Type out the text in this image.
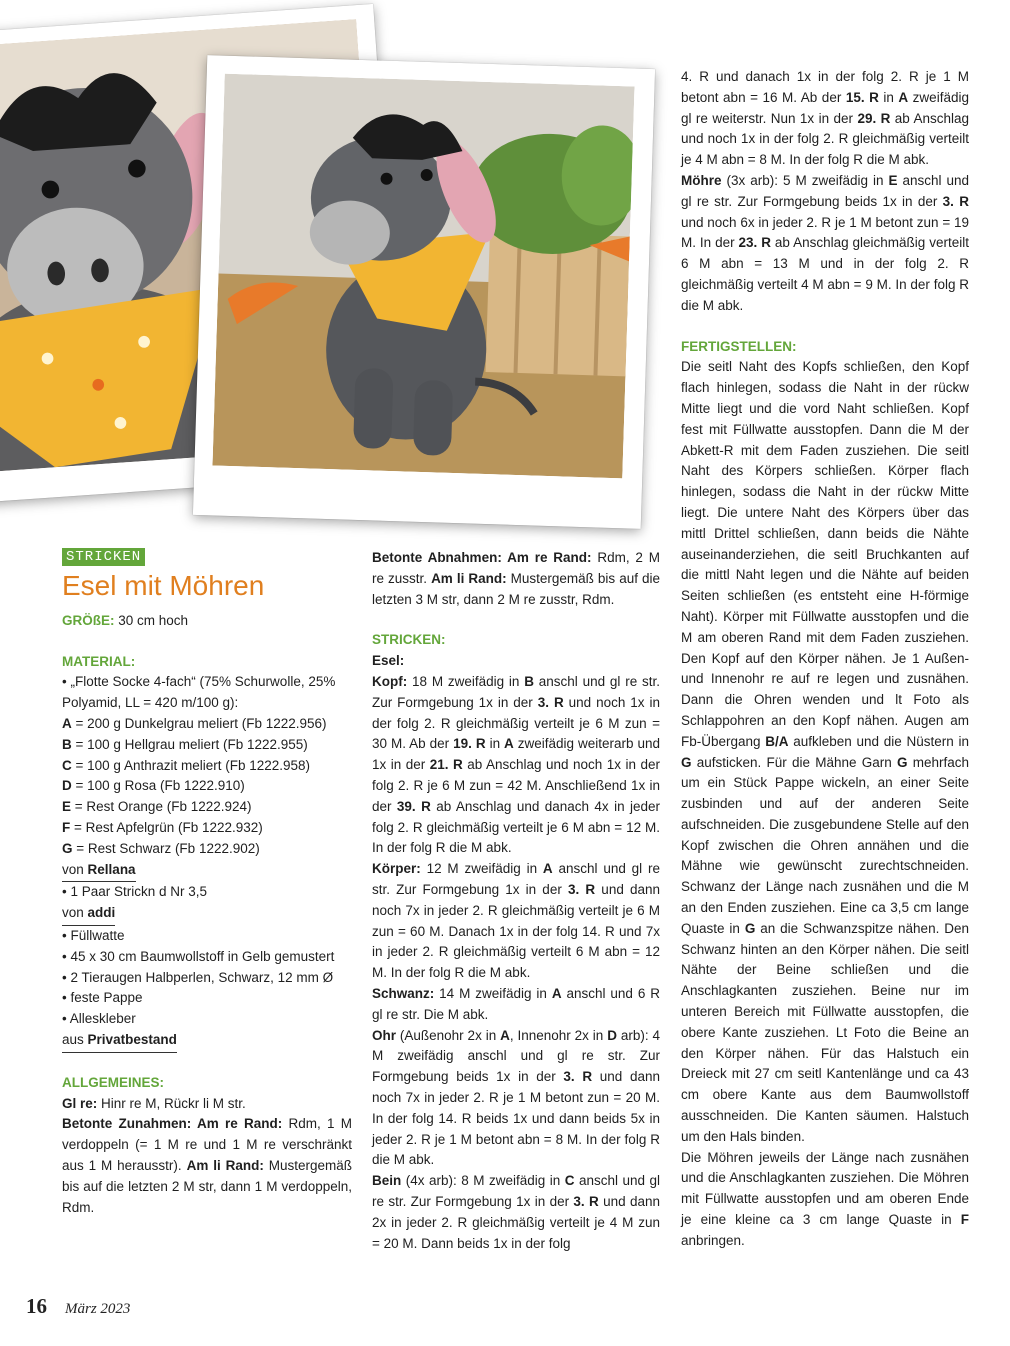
STRICKEN
Esel mit Möhren

GRÖßE: 30 cm hoch

MATERIAL:

• „Flotte Socke 4-fach“ (75% Schurwolle, 25% Polyamid, LL = 420 m/100 g):

A = 200 g Dunkelgrau meliert (Fb 1222.956)

B = 100 g Hellgrau meliert (Fb 1222.955)

C = 100 g Anthrazit meliert (Fb 1222.958)

D = 100 g Rosa (Fb 1222.910)

E = Rest Orange (Fb 1222.924)

F = Rest Apfelgrün (Fb 1222.932)

G = Rest Schwarz (Fb 1222.902)

von Rellana

• 1 Paar Strickn d Nr 3,5

von addi

• Füllwatte

• 45 x 30 cm Baumwollstoff in Gelb gemustert

• 2 Tieraugen Halbperlen, Schwarz, 12 mm Ø

• feste Pappe

• Alleskleber

aus Privatbestand

ALLGEMEINES:

Gl re: Hinr re M, Rückr li M str.

Betonte Zunahmen: Am re Rand: Rdm, 1 M verdoppeln (= 1 M re und 1 M re verschränkt aus 1 M herausstr). Am li Rand: Mustergemäß bis auf die letzten 2 M str, dann 1 M verdoppeln, Rdm.

Betonte Abnahmen: Am re Rand: Rdm, 2 M re zusstr. Am li Rand: Mustergemäß bis auf die letzten 3 M str, dann 2 M re zusstr, Rdm.

STRICKEN:

Esel:

Kopf: 18 M zweifädig in B anschl und gl re str. Zur Formgebung 1x in der 3. R und noch 1x in der folg 2. R gleichmäßig verteilt je 6 M zun = 30 M. Ab der 19. R in A zweifädig weiterarb und 1x in der 21. R ab Anschlag und noch 1x in der folg 2. R je 6 M zun = 42 M. Anschließend 1x in der 39. R ab Anschlag und danach 4x in jeder folg 2. R gleichmäßig verteilt je 6 M abn = 12 M. In der folg R die M abk.

Körper: 12 M zweifädig in A anschl und gl re str. Zur Formgebung 1x in der 3. R und dann noch 7x in jeder 2. R gleichmäßig verteilt je 6 M zun = 60 M. Danach 1x in der folg 14. R und 7x in jeder 2. R gleichmäßig verteilt 6 M abn = 12 M. In der folg R die M abk.

Schwanz: 14 M zweifädig in A anschl und 6 R gl re str. Die M abk.

Ohr (Außenohr 2x in A, Innenohr 2x in D arb): 4 M zweifädig anschl und gl re str. Zur Formgebung beids 1x in der 3. R und dann noch 7x in jeder 2. R je 1 M betont zun = 20 M. In der folg 14. R beids 1x und dann beids 5x in jeder 2. R je 1 M betont abn = 8 M. In der folg R die M abk.

Bein (4x arb): 8 M zweifädig in C anschl und gl re str. Zur Formgebung 1x in der 3. R und dann 2x in jeder 2. R gleichmäßig verteilt je 4 M zun = 20 M. Dann beids 1x in der folg

4. R und danach 1x in der folg 2. R je 1 M betont abn = 16 M. Ab der 15. R in A zweifädig gl re weiterstr. Nun 1x in der 29. R ab Anschlag und noch 1x in der folg 2. R gleichmäßig verteilt je 4 M abn = 8 M. In der folg R die M abk.

Möhre (3x arb): 5 M zweifädig in E anschl und gl re str. Zur Formgebung beids 1x in der 3. R und noch 6x in jeder 2. R je 1 M betont zun = 19 M. In der 23. R ab Anschlag gleichmäßig verteilt 6 M abn = 13 M und in der folg 2. R gleichmäßig verteilt 4 M abn = 9 M. In der folg R die M abk.

FERTIGSTELLEN:

Die seitl Naht des Kopfs schließen, den Kopf flach hinlegen, sodass die Naht in der rückw Mitte liegt und die vord Naht schließen. Kopf fest mit Füllwatte ausstopfen. Dann die M der Abkett-R mit dem Faden zusziehen. Die seitl Naht des Körpers schließen. Körper flach hinlegen, sodass die Naht in der rückw Mitte liegt. Die untere Naht des Körpers über das mittl Drittel schließen, dann beids die Nähte auseinanderziehen, die seitl Bruchkanten auf die mittl Naht legen und die Nähte auf beiden Seiten schließen (es entsteht eine H-förmige Naht). Körper mit Füllwatte ausstopfen und die M am oberen Rand mit dem Faden zusziehen. Den Kopf auf den Körper nähen. Je 1 Außen- und Innenohr re auf re legen und zusnähen. Dann die Ohren wenden und lt Foto als Schlappohren an den Kopf nähen. Augen am Fb-Übergang B/A aufkleben und die Nüstern in G aufsticken. Für die Mähne Garn G mehrfach um ein Stück Pappe wickeln, an einer Seite zusbinden und auf der anderen Seite aufschneiden. Die zusgebundene Stelle auf den Kopf zwischen die Ohren annähen und die Mähne wie gewünscht zurechtschneiden. Schwanz der Länge nach zusnähen und die M an den Enden zusziehen. Eine ca 3,5 cm lange Quaste in G an die Schwanzspitze nähen. Den Schwanz hinten an den Körper nähen. Die seitl Nähte der Beine schließen und die Anschlagkanten zusziehen. Beine nur im unteren Bereich mit Füllwatte ausstopfen, die obere Kante zusziehen. Lt Foto die Beine an den Körper nähen. Für das Halstuch ein Dreieck mit 27 cm seitl Kantenlänge und ca 43 cm obere Kante aus dem Baumwollstoff ausschneiden. Die Kanten säumen. Halstuch um den Hals binden.

Die Möhren jeweils der Länge nach zusnähen und die Anschlagkanten zusziehen. Die Möhren mit Füllwatte ausstopfen und am oberen Ende je eine kleine ca 3 cm lange Quaste in F anbringen.

16 März 2023
